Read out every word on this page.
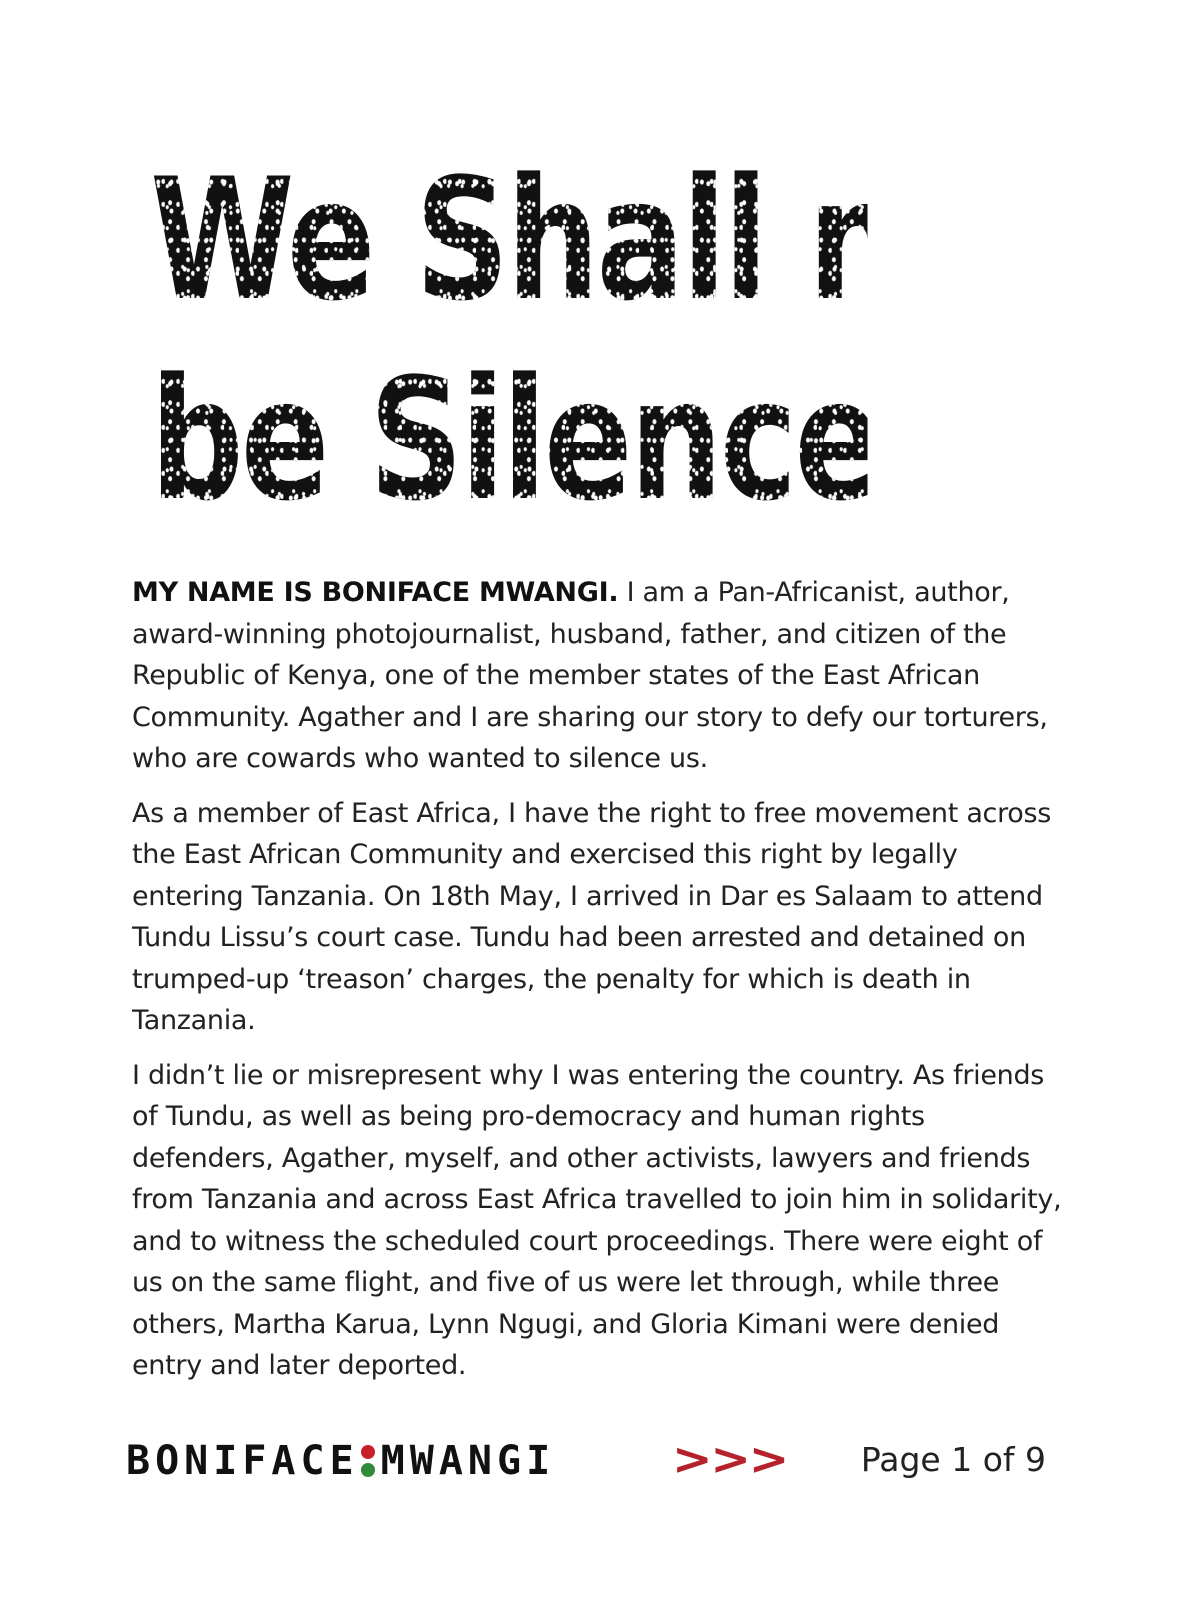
We Shall not
be Silenced!

MY NAME IS BONIFACE MWANGI. I am a Pan-Africanist, author, award-winning photojournalist, husband, father, and citizen of the Republic of Kenya, one of the member states of the East African Community. Agather and I are sharing our story to defy our torturers, who are cowards who wanted to silence us.

As a member of East Africa, I have the right to free movement across the East African Community and exercised this right by legally entering Tanzania. On 18th May, I arrived in Dar es Salaam to attend Tundu Lissu’s court case. Tundu had been arrested and detained on trumped-up ‘treason’ charges, the penalty for which is death in Tanzania.

I didn’t lie or misrepresent why I was entering the country. As friends of Tundu, as well as being pro-democracy and human rights defenders, Agather, myself, and other activists, lawyers and friends from Tanzania and across East Africa travelled to join him in solidarity, and to witness the scheduled court proceedings. There were eight of us on the same flight, and five of us were let through, while three others, Martha Karua, Lynn Ngugi, and Gloria Kimani were denied entry and later deported.

BONIFACE MWANGI	>>> Page 1 of 9
